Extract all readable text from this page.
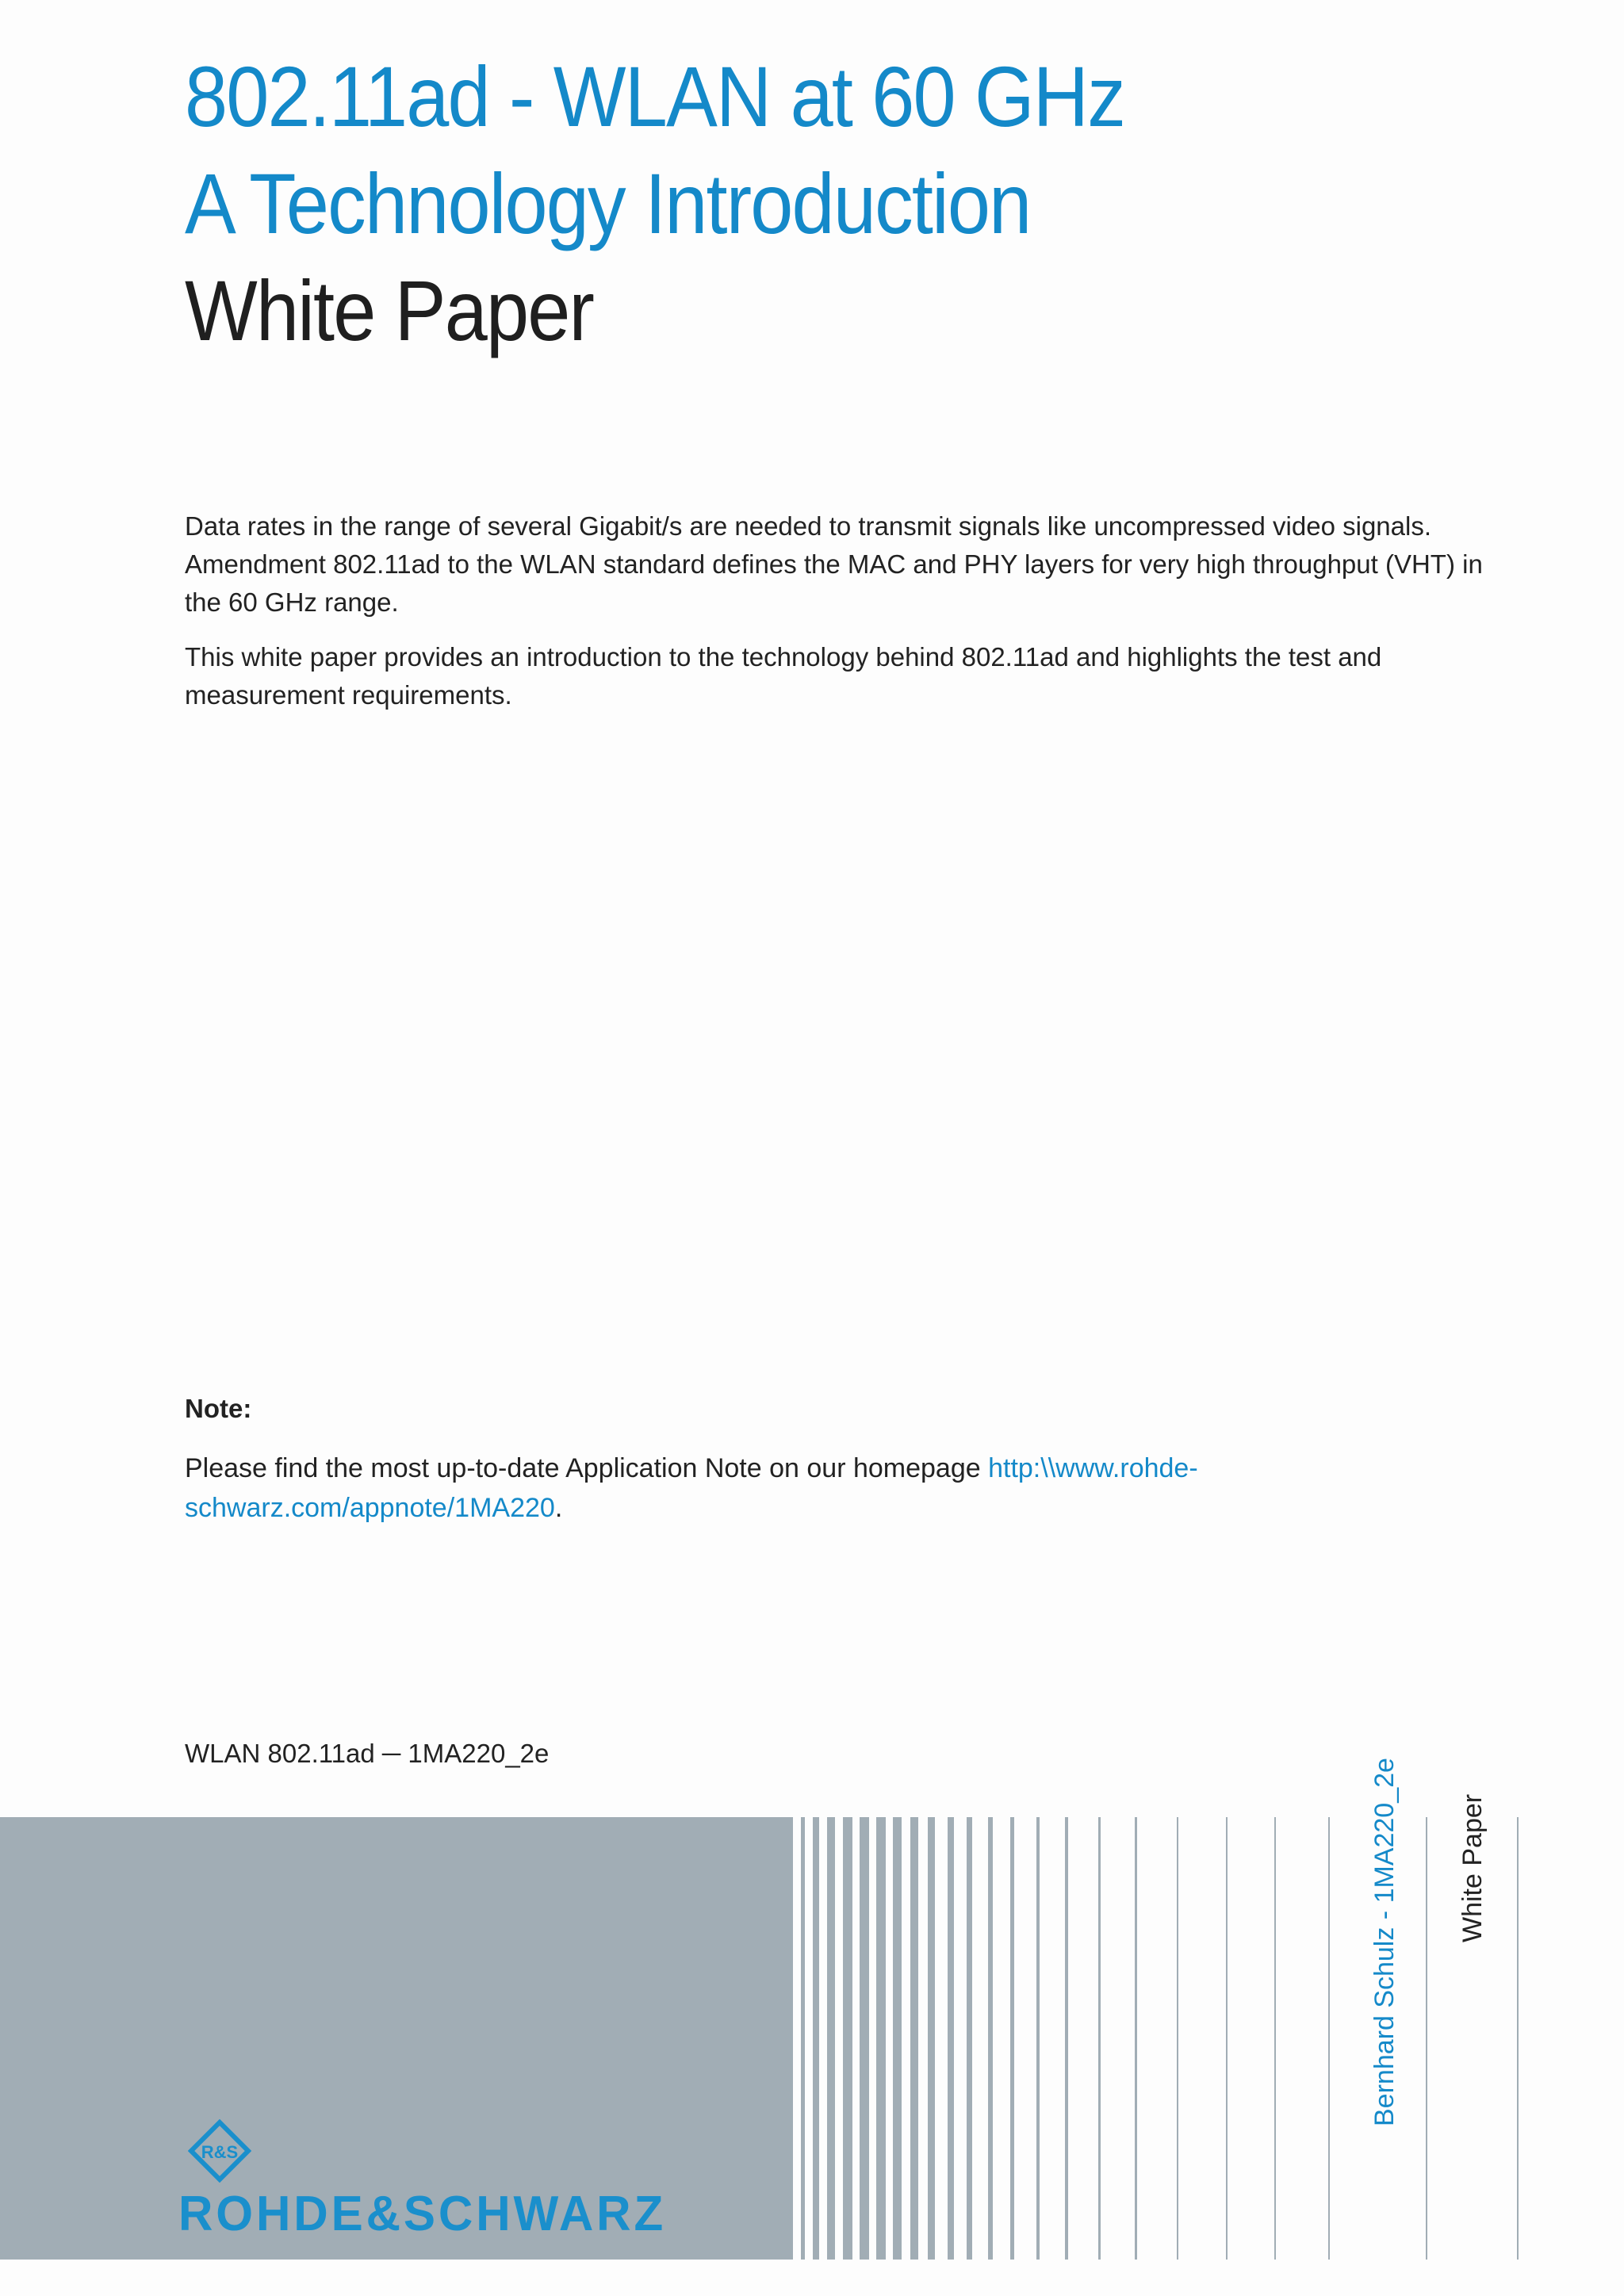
802.11ad - WLAN at 60 GHz
A Technology Introduction
White Paper

Data rates in the range of several Gigabit/s are needed to transmit signals like uncompressed video signals. Amendment 802.11ad to the WLAN standard defines the MAC and PHY layers for very high throughput (VHT) in the 60 GHz range.

This white paper provides an introduction to the technology behind 802.11ad and highlights the test and measurement requirements.

Note:

Please find the most up-to-date Application Note on our homepage http:\\www.rohde-schwarz.com/appnote/1MA220.

WLAN 802.11ad ─ 1MA220_2e

R&S
ROHDE&SCHWARZ
Bernhard Schulz - 1MA220_2e White Paper
